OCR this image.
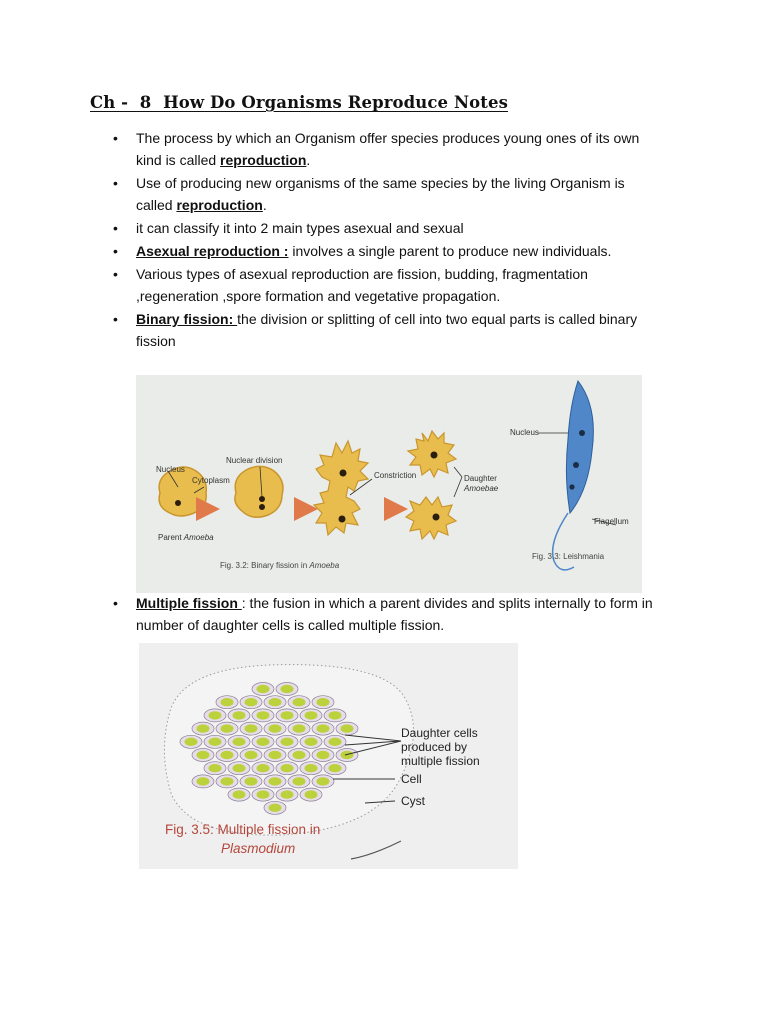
Ch -  8  How Do Organisms Reproduce Notes
• The process by which an Organism offer species produces young ones of its own
kind is called reproduction.
• Use of producing new organisms of the same species by the living Organism is
called reproduction.
• it can classify it into 2 main types asexual and sexual
• Asexual reproduction : involves a single parent to produce new individuals.
• Various types of asexual reproduction are fission, budding, fragmentation
,regeneration ,spore formation and vegetative propagation.
• Binary fission: the division or splitting of cell into two equal parts is called binary
fission
• Multiple fission : the fusion in which a parent divides and splits internally to form in
number of daughter cells is called multiple fission.
Nucleus
Cytoplasm
Nuclear division
Constriction	Daughter
Amoebae
Parent Amoeba
Fig. 3.2: Binary fission in Amoeba
Nucleus
Flagellum
Fig. 3.3: Leishmania
Daughter cells
produced by
multiple fission
Cell
Cyst
Fig. 3.5: Multiple fission in
Plasmodium
